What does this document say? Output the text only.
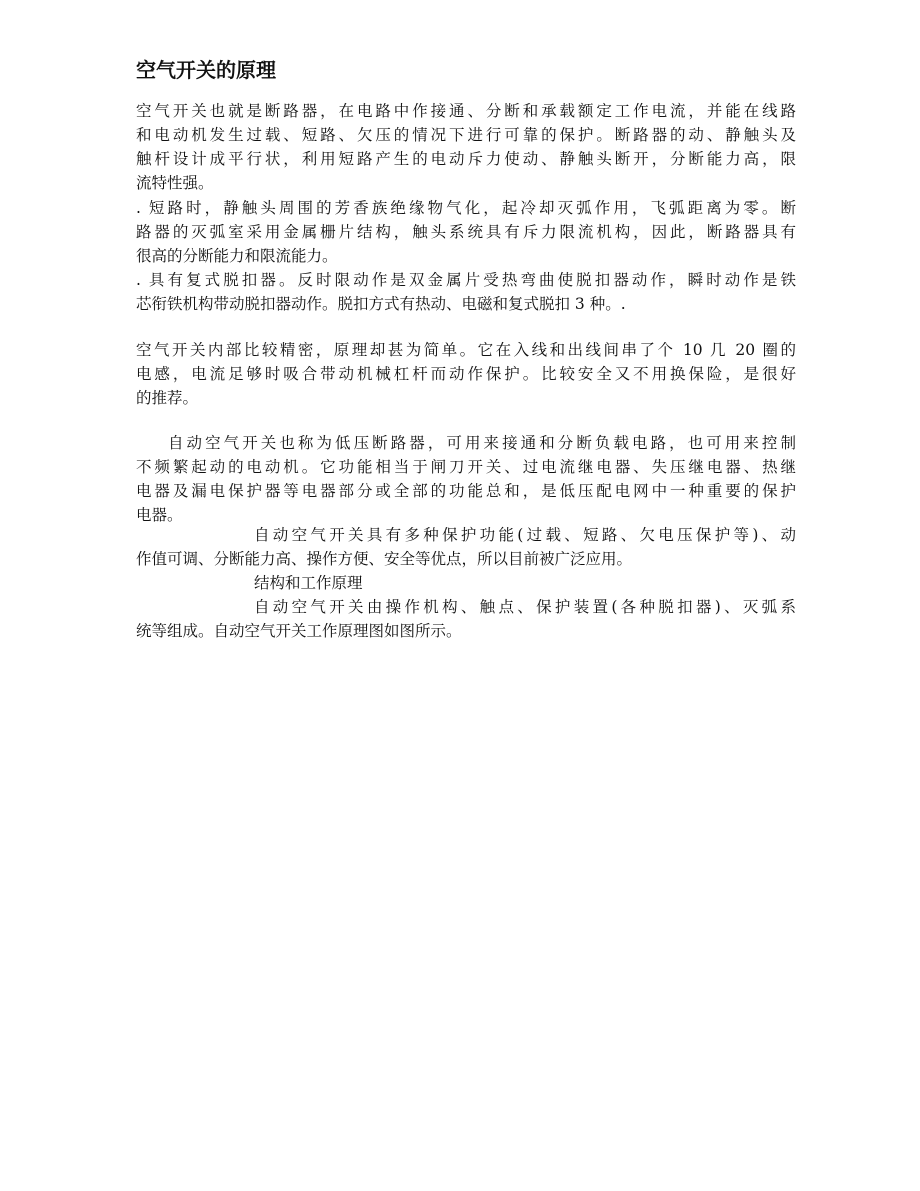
空气开关的原理
空气开关也就是断路器，在电路中作接通、分断和承载额定工作电流，并能在线路
和电动机发生过载、短路、欠压的情况下进行可靠的保护。断路器的动、静触头及
触杆设计成平行状，利用短路产生的电动斥力使动、静触头断开，分断能力高，限
流特性强。
. 短路时，静触头周围的芳香族绝缘物气化，起冷却灭弧作用，飞弧距离为零。断
路器的灭弧室采用金属栅片结构，触头系统具有斥力限流机构，因此，断路器具有
很高的分断能力和限流能力。
. 具有复式脱扣器。反时限动作是双金属片受热弯曲使脱扣器动作，瞬时动作是铁
芯衔铁机构带动脱扣器动作。脱扣方式有热动、电磁和复式脱扣 3 种。.
空气开关内部比较精密，原理却甚为简单。它在入线和出线间串了个 10 几 20 圈的
电感，电流足够时吸合带动机械杠杆而动作保护。比较安全又不用换保险，是很好
的推荐。
自动空气开关也称为低压断路器，可用来接通和分断负载电路，也可用来控制
不频繁起动的电动机。它功能相当于闸刀开关、过电流继电器、失压继电器、热继
电器及漏电保护器等电器部分或全部的功能总和，是低压配电网中一种重要的保护
电器。
自动空气开关具有多种保护功能(过载、短路、欠电压保护等)、动
作值可调、分断能力高、操作方便、安全等优点，所以目前被广泛应用。
结构和工作原理
自动空气开关由操作机构、触点、保护装置(各种脱扣器)、灭弧系
统等组成。自动空气开关工作原理图如图所示。
